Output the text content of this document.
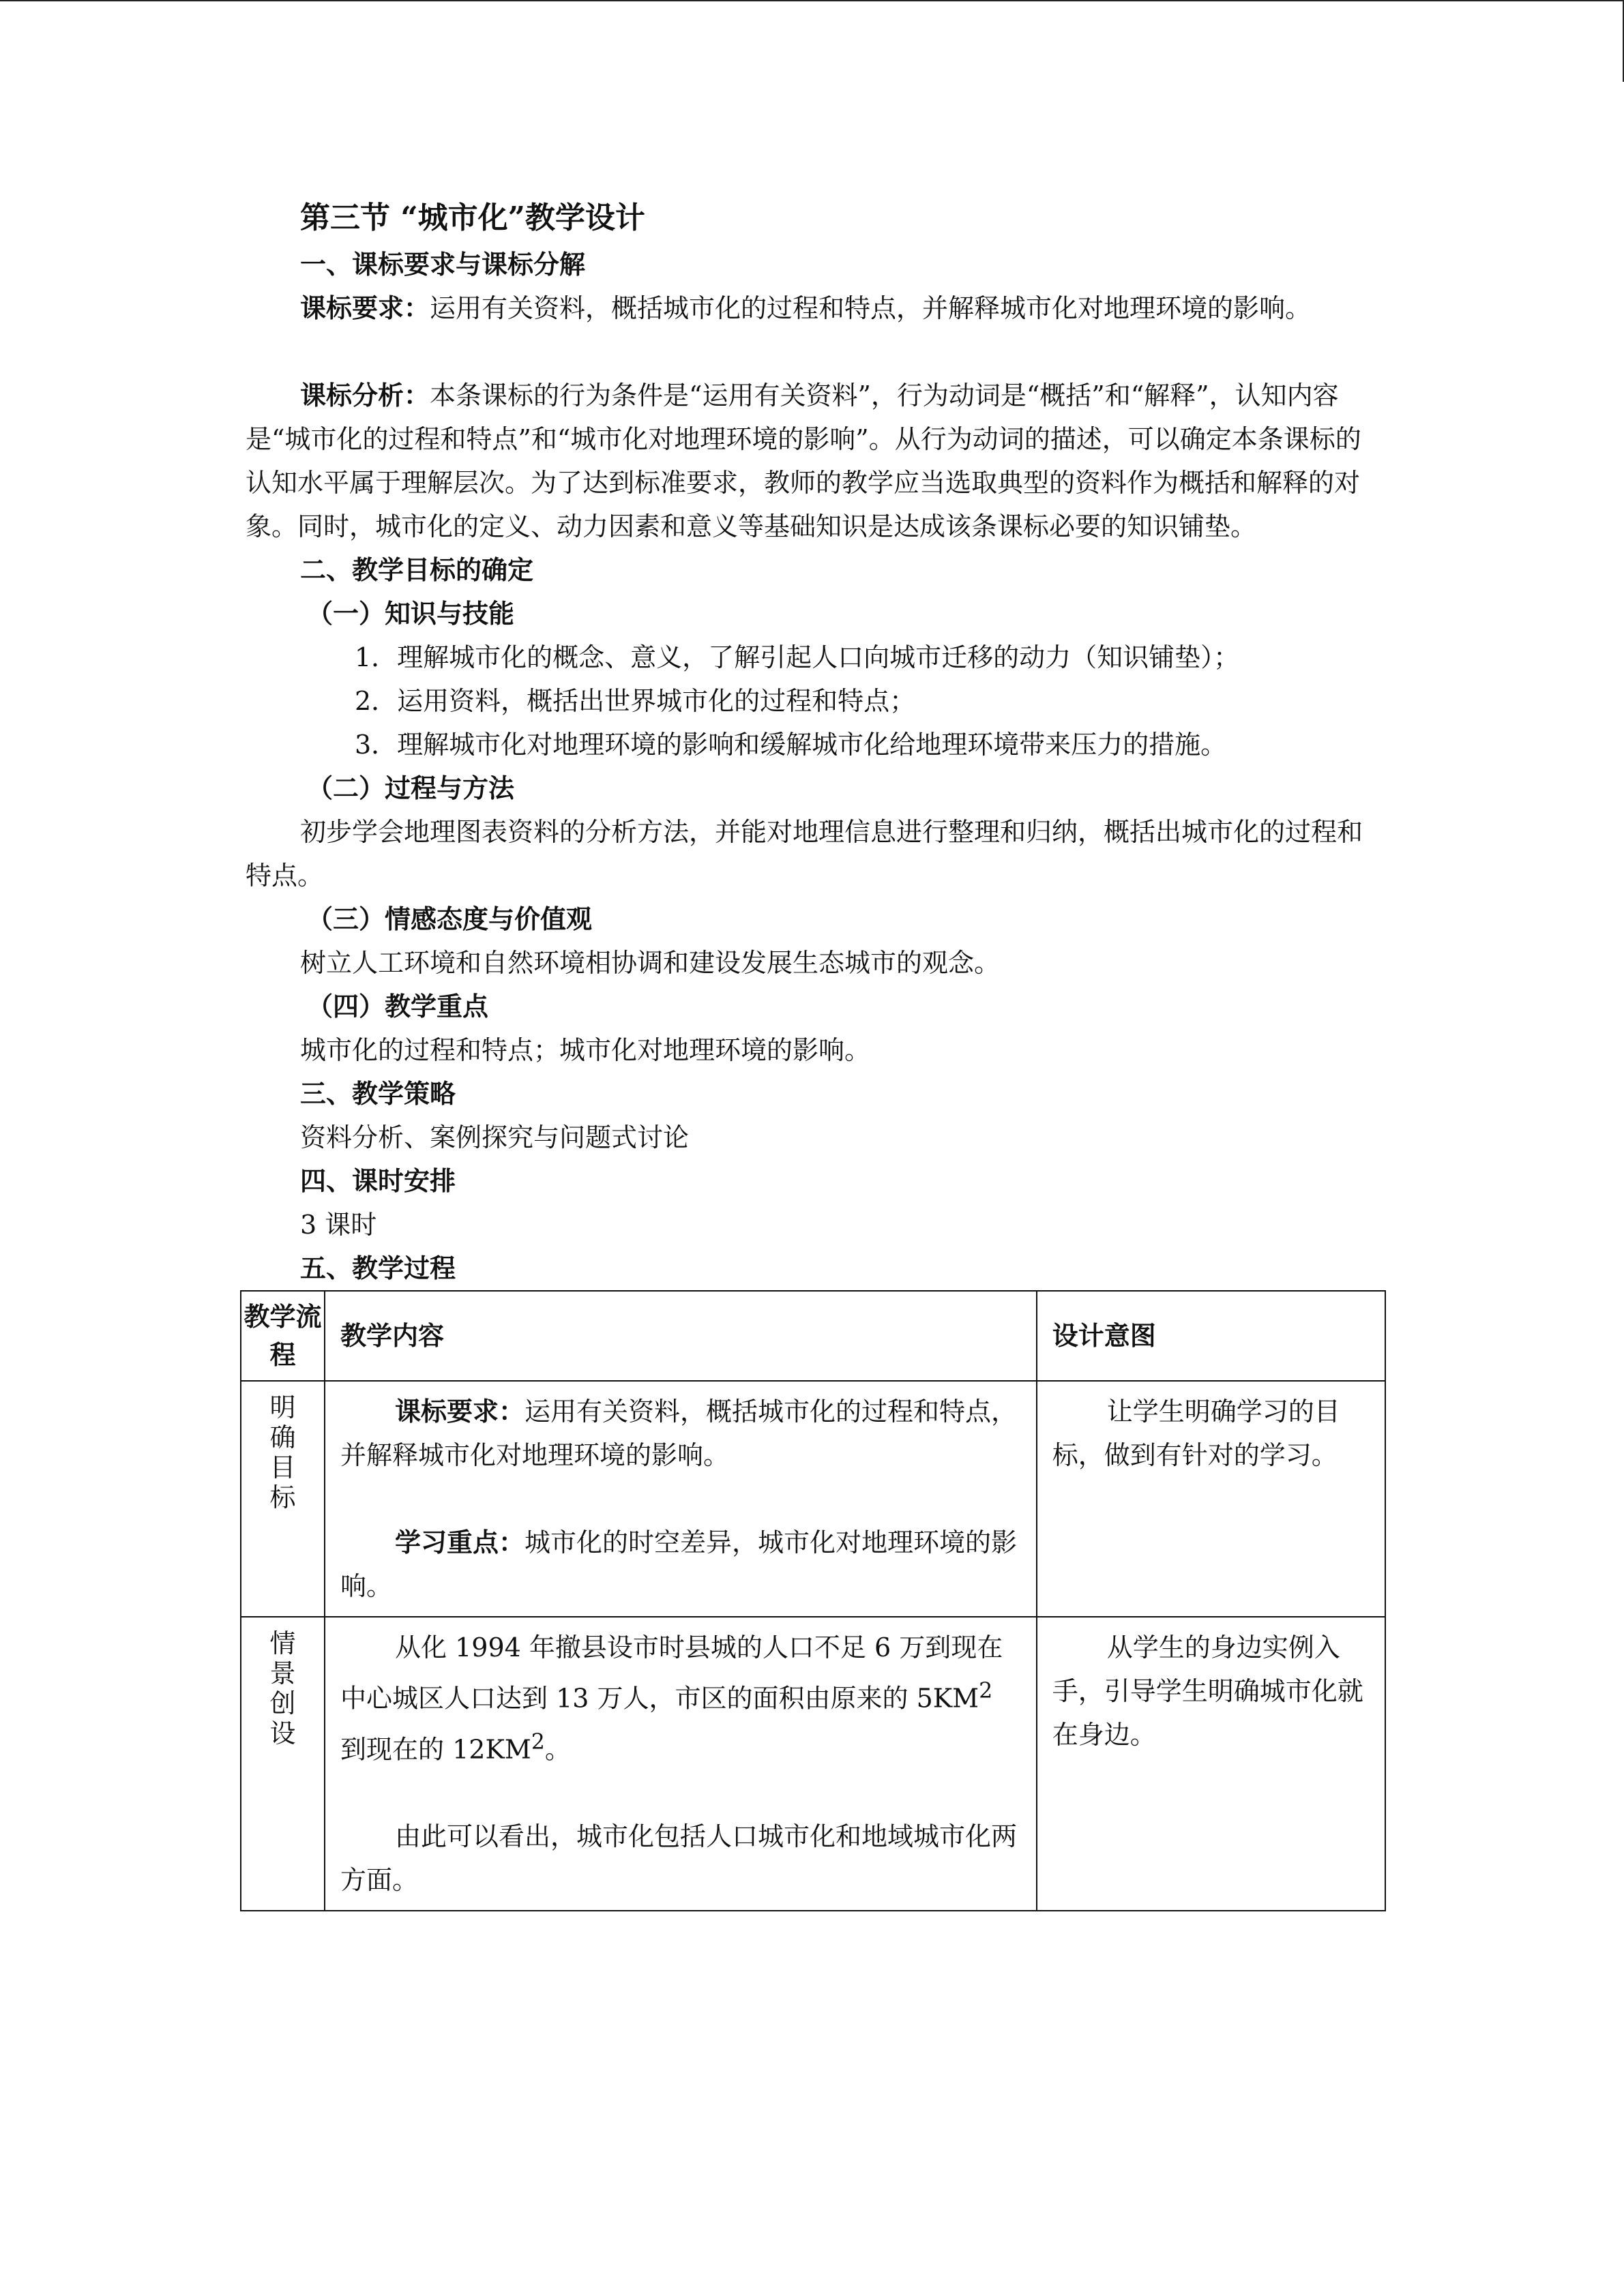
第三节 “城市化”教学设计

一、课标要求与课标分解

课标要求：运用有关资料，概括城市化的过程和特点，并解释城市化对地理环境的影响。

课标分析：本条课标的行为条件是“运用有关资料”，行为动词是“概括”和“解释”，认知内容是“城市化的过程和特点”和“城市化对地理环境的影响”。从行为动词的描述，可以确定本条课标的认知水平属于理解层次。为了达到标准要求，教师的教学应当选取典型的资料作为概括和解释的对象。同时，城市化的定义、动力因素和意义等基础知识是达成该条课标必要的知识铺垫。

二、教学目标的确定

（一）知识与技能

1．理解城市化的概念、意义，了解引起人口向城市迁移的动力（知识铺垫）；

2．运用资料，概括出世界城市化的过程和特点；

3．理解城市化对地理环境的影响和缓解城市化给地理环境带来压力的措施。

（二）过程与方法

初步学会地理图表资料的分析方法，并能对地理信息进行整理和归纳，概括出城市化的过程和特点。

（三）情感态度与价值观

树立人工环境和自然环境相协调和建设发展生态城市的观念。

（四）教学重点

城市化的过程和特点；城市化对地理环境的影响。

三、教学策略

资料分析、案例探究与问题式讨论

四、课时安排

3 课时

五、教学过程

教学流程	教学内容	设计意图

明确目标	课标要求：运用有关资料，概括城市化的过程和特点，并解释城市化对地理环境的影响。

学习重点：城市化的时空差异，城市化对地理环境的影响。	让学生明确学习的目标，做到有针对的学习。

情景创设	从化 1994 年撤县设市时县城的人口不足 6 万到现在中心城区人口达到 13 万人，市区的面积由原来的 $5KM^2$ 到现在的 $12KM^2$。

由此可以看出，城市化包括人口城市化和地域城市化两方面。	从学生的身边实例入手，引导学生明确城市化就在身边。
